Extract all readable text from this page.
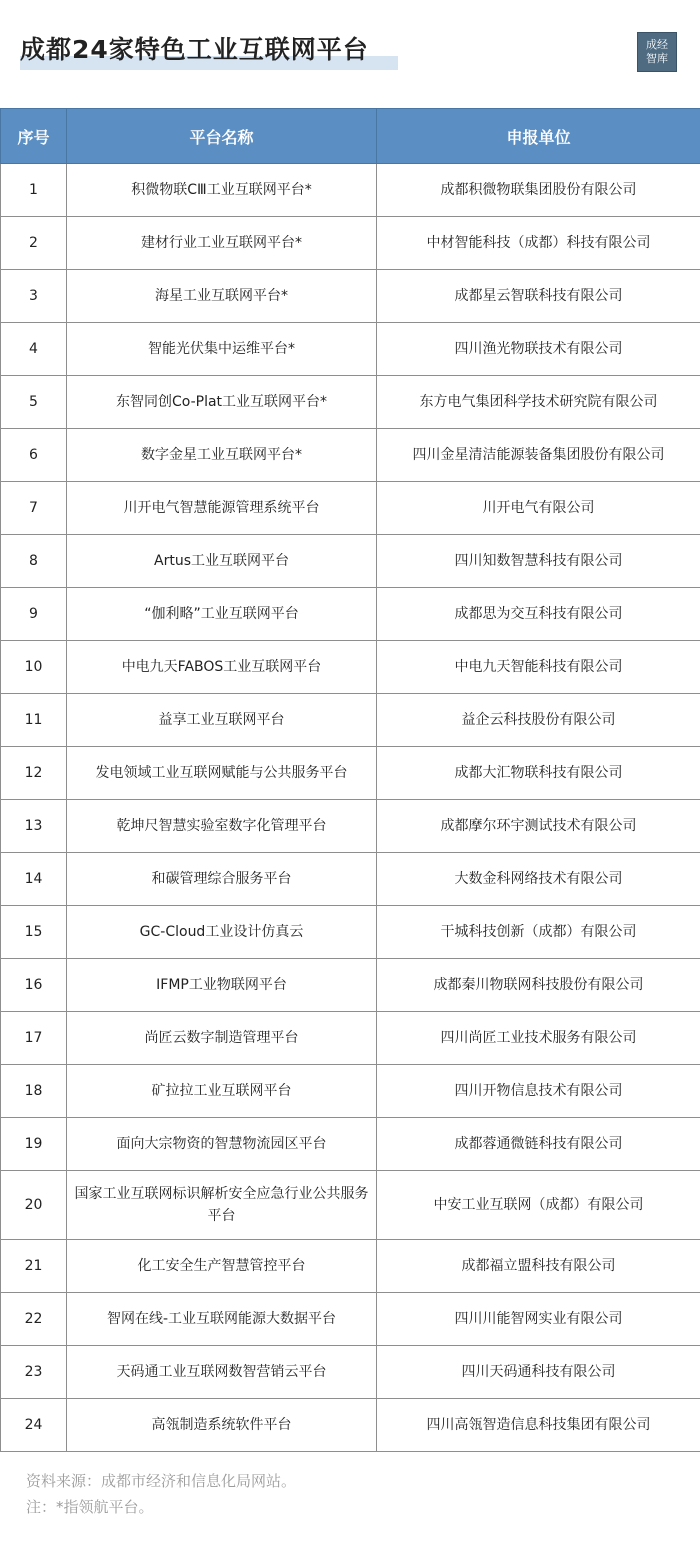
成都24家特色工业互联网平台	成经智库
序号	平台名称	申报单位
1	积微物联CⅢ工业互联网平台*	成都积微物联集团股份有限公司
2	建材行业工业互联网平台*	中材智能科技（成都）科技有限公司
3	海星工业互联网平台*	成都星云智联科技有限公司
4	智能光伏集中运维平台*	四川渔光物联技术有限公司
5	东智同创Co-Plat工业互联网平台*	东方电气集团科学技术研究院有限公司
6	数字金星工业互联网平台*	四川金星清洁能源装备集团股份有限公司
7	川开电气智慧能源管理系统平台	川开电气有限公司
8	Artus工业互联网平台	四川知数智慧科技有限公司
9	“伽利略”工业互联网平台	成都思为交互科技有限公司
10	中电九天FABOS工业互联网平台	中电九天智能科技有限公司
11	益享工业互联网平台	益企云科技股份有限公司
12	发电领域工业互联网赋能与公共服务平台	成都大汇物联科技有限公司
13	乾坤尺智慧实验室数字化管理平台	成都摩尔环宇测试技术有限公司
14	和碳管理综合服务平台	大数金科网络技术有限公司
15	GC-Cloud工业设计仿真云	干城科技创新（成都）有限公司
16	IFMP工业物联网平台	成都秦川物联网科技股份有限公司
17	尚匠云数字制造管理平台	四川尚匠工业技术服务有限公司
18	矿拉拉工业互联网平台	四川开物信息技术有限公司
19	面向大宗物资的智慧物流园区平台	成都蓉通微链科技有限公司
20	国家工业互联网标识解析安全应急行业公共服务平台	中安工业互联网（成都）有限公司
21	化工安全生产智慧管控平台	成都福立盟科技有限公司
22	智网在线-工业互联网能源大数据平台	四川川能智网实业有限公司
23	天码通工业互联网数智营销云平台	四川天码通科技有限公司
24	高瓴制造系统软件平台	四川高瓴智造信息科技集团有限公司
资料来源：成都市经济和信息化局网站。
注：*指领航平台。
